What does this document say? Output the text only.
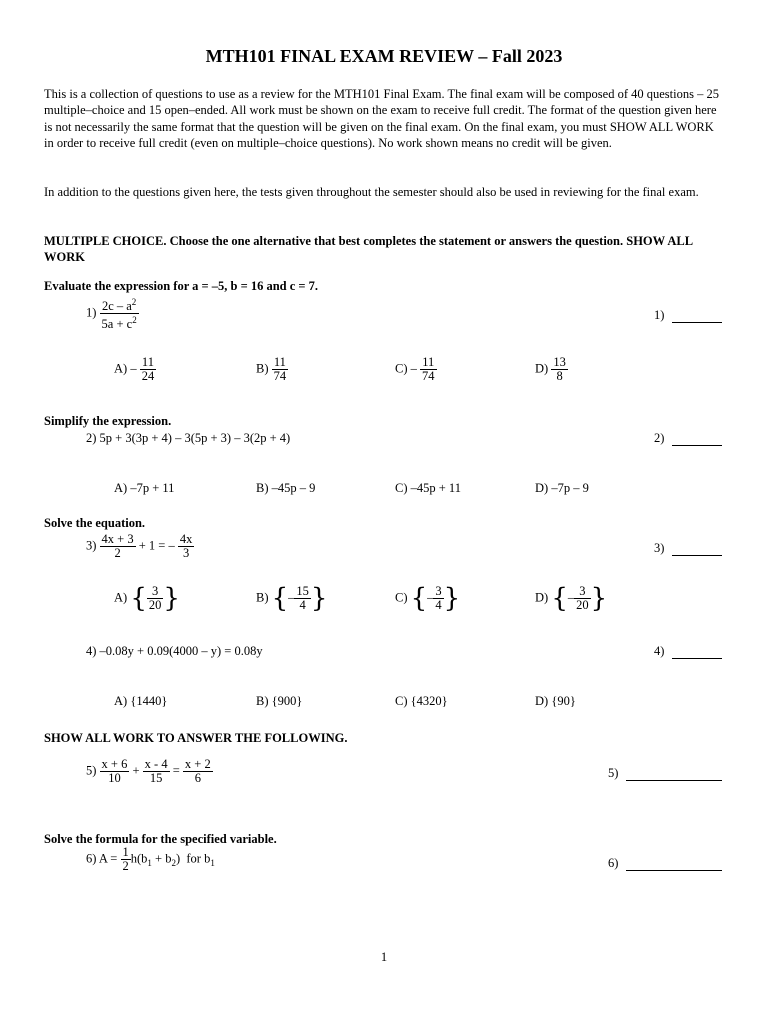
MTH101 FINAL EXAM REVIEW – Fall 2023
This is a collection of questions to use as a review for the MTH101 Final Exam. The final exam will be composed of 40 questions – 25 multiple–choice and 15 open–ended. All work must be shown on the exam to receive full credit. The format of the question given here is not necessarily the same format that the question will be given on the final exam. On the final exam, you must SHOW ALL WORK in order to receive full credit (even on multiple–choice questions). No work shown means no credit will be given.
In addition to the questions given here, the tests given throughout the semester should also be used in reviewing for the final exam.
MULTIPLE CHOICE. Choose the one alternative that best completes the statement or answers the question. SHOW ALL WORK
Evaluate the expression for a = –5, b = 16 and c = 7.
$1) \frac{2c - a^2}{5a + c^2}$	1)
$A) - \frac{11}{24}$	$B) \frac{11}{74}$	$C) - \frac{11}{74}$	$D) \frac{13}{8}$
Simplify the expression.
2) 5p + 3(3p + 4) – 3(5p + 3) – 3(2p + 4)	2)
A) –7p + 11	B) –45p – 9	C) –45p + 11	D) –7p – 9
Solve the equation.
$3) \frac{4x + 3}{2} + 1$ = – $\frac{4x}{3}$	3)
A) { $\frac{3}{20}$ }	B) {– $\frac{15}{4}$ }	C) {– $\frac{3}{4}$ }	D) {– $\frac{3}{20}$ }
4) –0.08y + 0.09(4000 – y) = 0.08y	4)
A) {1440}	B) {900}	C) {4320}	D) {90}
SHOW ALL WORK TO ANSWER THE FOLLOWING.
$5) \frac{x + 6}{10} + \frac{x - 4}{15} = \frac{x + 2}{6}$	5)
Solve the formula for the specified variable.
6) $A = \frac{1}{2} h(b_1 + b_2)$  for $b_1$	6)
1
